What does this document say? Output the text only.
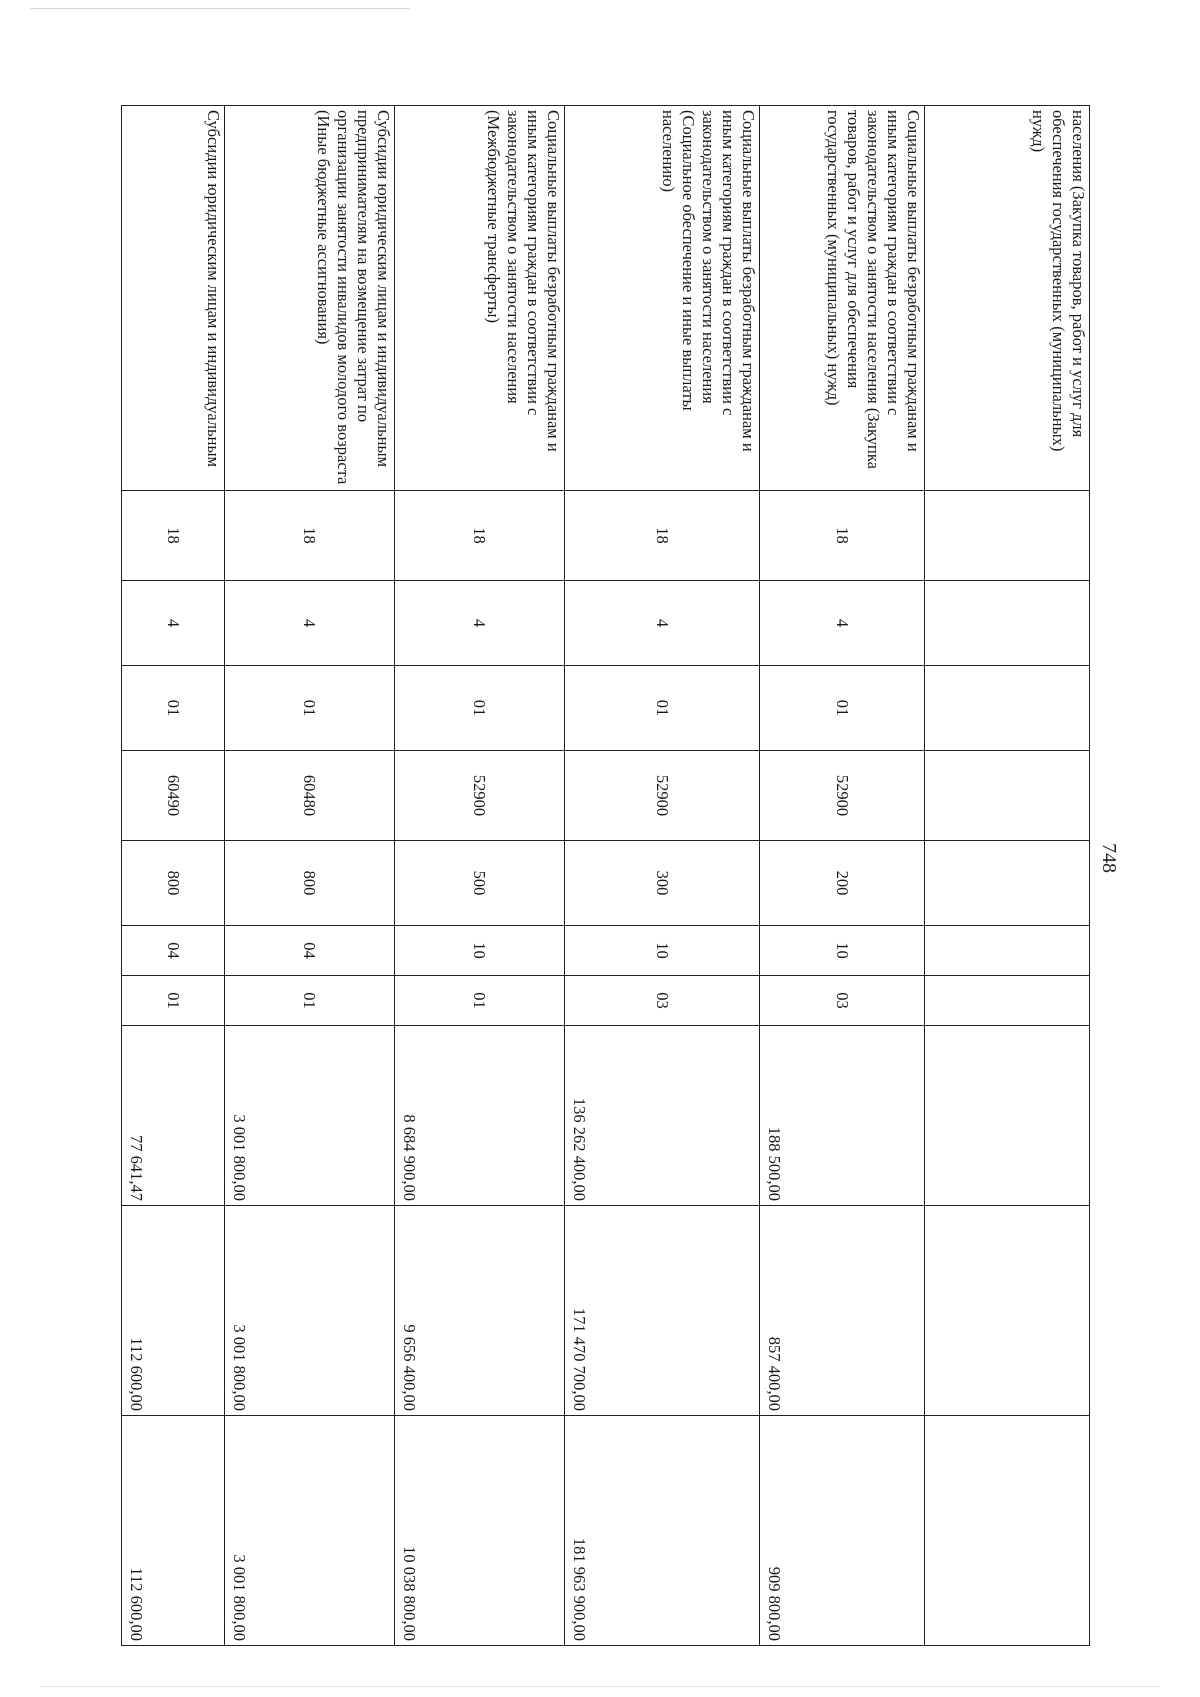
748
населения (Закупка товаров, работ и услуг для обеспечения государственных (муниципальных) нужд)										
Социальные выплаты безработным гражданам и иным категориям граждан в соответствии с законодательством о занятости населения (Закупка товаров, работ и услуг для обеспечения государственных (муниципальных) нужд)	18	4	01	52900	200	10	03	188 500,00	857 400,00	909 800,00
Социальные выплаты безработным гражданам и иным категориям граждан в соответствии с законодательством о занятости населения (Социальное обеспечение и иные выплаты населению)	18	4	01	52900	300	10	03	136 262 400,00	171 470 700,00	181 963 900,00
Социальные выплаты безработным гражданам и иным категориям граждан в соответствии с законодательством о занятости населения (Межбюджетные трансферты)	18	4	01	52900	500	10	01	8 684 900,00	9 656 400,00	10 038 800,00
Субсидии юридическим лицам и индивидуальным предпринимателям на возмещение затрат по организации занятости инвалидов молодого возраста (Иные бюджетные ассигнования)	18	4	01	60480	800	04	01	3 001 800,00	3 001 800,00	3 001 800,00
Субсидии юридическим лицам и индивидуальным	18	4	01	60490	800	04	01	77 641,47	112 600,00	112 600,00
